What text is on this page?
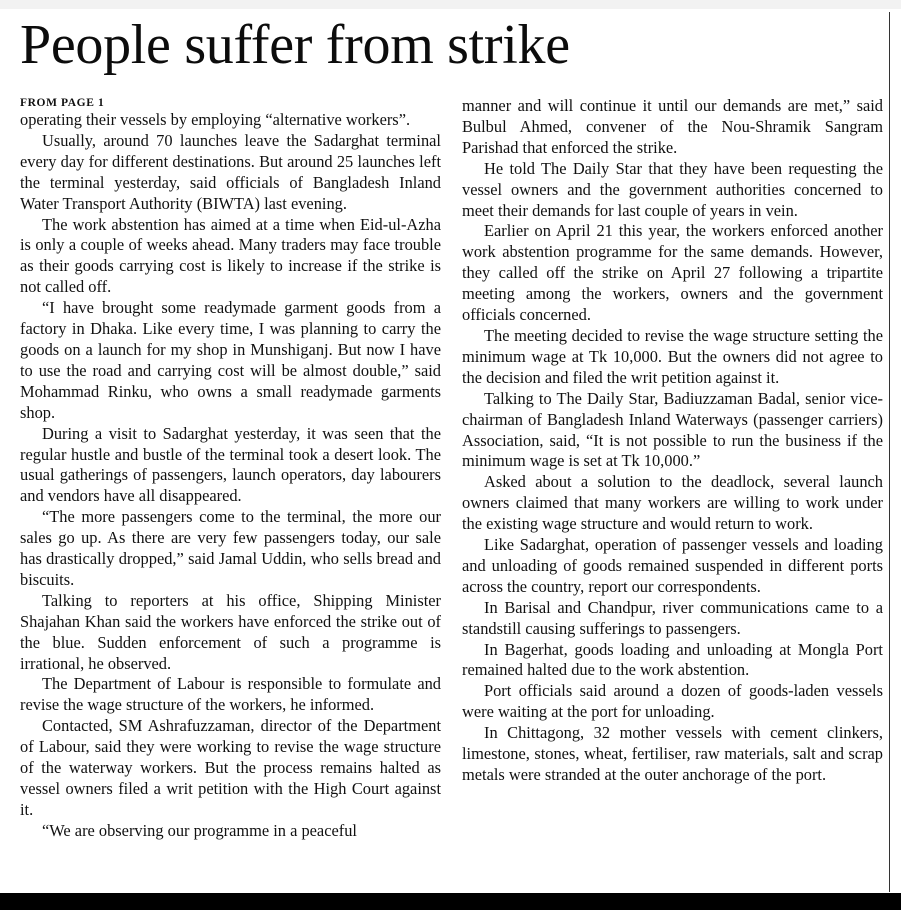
People suffer from strike

FROM PAGE 1

operating their vessels by employing “alternative workers”.

Usually, around 70 launches leave the Sadarghat terminal every day for different destinations. But around 25 launches left the terminal yesterday, said officials of Bangladesh Inland Water Transport Authority (BIWTA) last evening.

The work abstention has aimed at a time when Eid-ul-Azha is only a couple of weeks ahead. Many traders may face trouble as their goods carrying cost is likely to increase if the strike is not called off.

“I have brought some readymade garment goods from a factory in Dhaka. Like every time, I was planning to carry the goods on a launch for my shop in Munshiganj. But now I have to use the road and carrying cost will be almost double,” said Mohammad Rinku, who owns a small readymade garments shop.

During a visit to Sadarghat yesterday, it was seen that the regular hustle and bustle of the terminal took a desert look. The usual gatherings of passengers, launch operators, day labourers and vendors have all disappeared.

“The more passengers come to the terminal, the more our sales go up. As there are very few passengers today, our sale has drastically dropped,” said Jamal Uddin, who sells bread and biscuits.

Talking to reporters at his office, Shipping Minister Shajahan Khan said the workers have enforced the strike out of the blue. Sudden enforcement of such a programme is irrational, he observed.

The Department of Labour is responsible to formulate and revise the wage structure of the workers, he informed.

Contacted, SM Ashrafuzzaman, director of the Department of Labour, said they were working to revise the wage structure of the waterway workers. But the process remains halted as vessel owners filed a writ petition with the High Court against it.

“We are observing our programme in a peaceful

manner and will continue it until our demands are met,” said Bulbul Ahmed, convener of the Nou-Shramik Sangram Parishad that enforced the strike.

He told The Daily Star that they have been requesting the vessel owners and the government authorities concerned to meet their demands for last couple of years in vein.

Earlier on April 21 this year, the workers enforced another work abstention programme for the same demands. However, they called off the strike on April 27 following a tripartite meeting among the workers, owners and the government officials concerned.

The meeting decided to revise the wage structure setting the minimum wage at Tk 10,000. But the owners did not agree to the decision and filed the writ petition against it.

Talking to The Daily Star, Badiuzzaman Badal, senior vice-chairman of Bangladesh Inland Waterways (passenger carriers) Association, said, “It is not possible to run the business if the minimum wage is set at Tk 10,000.”

Asked about a solution to the deadlock, several launch owners claimed that many workers are willing to work under the existing wage structure and would return to work.

Like Sadarghat, operation of passenger vessels and loading and unloading of goods remained suspended in different ports across the country, report our correspondents.

In Barisal and Chandpur, river communications came to a standstill causing sufferings to passengers.

In Bagerhat, goods loading and unloading at Mongla Port remained halted due to the work abstention.

Port officials said around a dozen of goods-laden vessels were waiting at the port for unloading.

In Chittagong, 32 mother vessels with cement clinkers, limestone, stones, wheat, fertiliser, raw materials, salt and scrap metals were stranded at the outer anchorage of the port.
